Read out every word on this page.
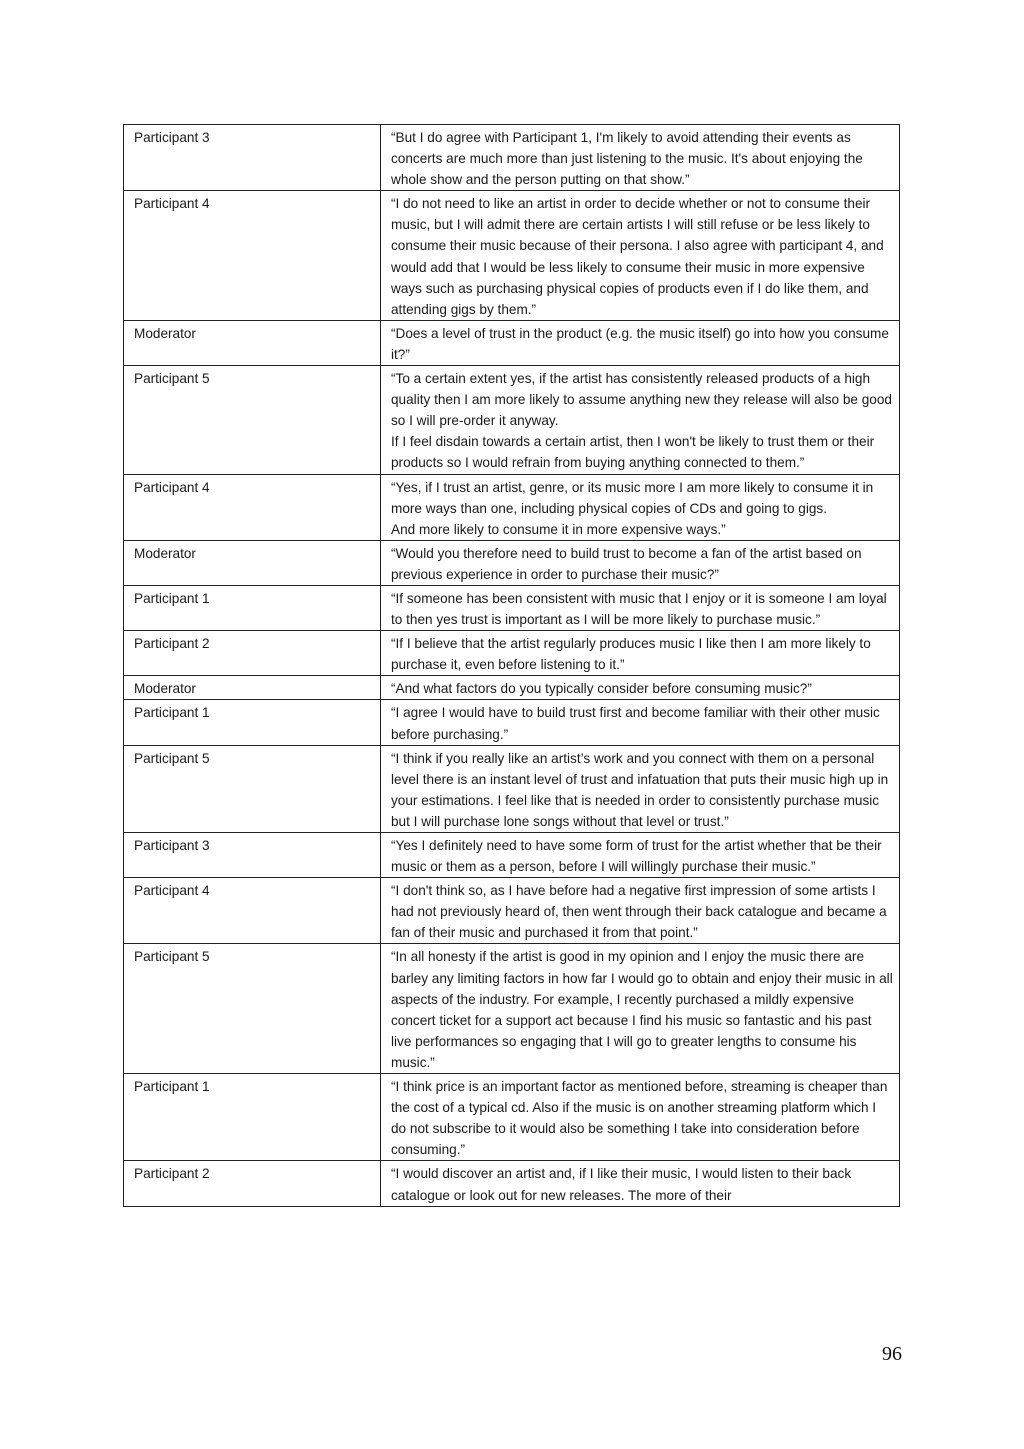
Participant 3	“But I do agree with Participant 1, I'm likely to avoid attending their events as concerts are much more than just listening to the music. It's about enjoying the whole show and the person putting on that show.”
Participant 4	“I do not need to like an artist in order to decide whether or not to consume their music, but I will admit there are certain artists I will still refuse or be less likely to consume their music because of their persona. I also agree with participant 4, and would add that I would be less likely to consume their music in more expensive ways such as purchasing physical copies of products even if I do like them, and attending gigs by them.”
Moderator	“Does a level of trust in the product (e.g. the music itself) go into how you consume it?”
Participant 5	“To a certain extent yes, if the artist has consistently released products of a high quality then I am more likely to assume anything new they release will also be good so I will pre-order it anyway.
If I feel disdain towards a certain artist, then I won't be likely to trust them or their products so I would refrain from buying anything connected to them.”
Participant 4	“Yes, if I trust an artist, genre, or its music more I am more likely to consume it in more ways than one, including physical copies of CDs and going to gigs.
And more likely to consume it in more expensive ways.”
Moderator	“Would you therefore need to build trust to become a fan of the artist based on previous experience in order to purchase their music?”
Participant 1	“If someone has been consistent with music that I enjoy or it is someone I am loyal to then yes trust is important as I will be more likely to purchase music.”
Participant 2	“If I believe that the artist regularly produces music I like then I am more likely to purchase it, even before listening to it.”
Moderator	“And what factors do you typically consider before consuming music?”
Participant 1	“I agree I would have to build trust first and become familiar with their other music before purchasing.”
Participant 5	“I think if you really like an artist’s work and you connect with them on a personal level there is an instant level of trust and infatuation that puts their music high up in your estimations. I feel like that is needed in order to consistently purchase music but I will purchase lone songs without that level or trust.”
Participant 3	“Yes I definitely need to have some form of trust for the artist whether that be their music or them as a person, before I will willingly purchase their music.”
Participant 4	“I don't think so, as I have before had a negative first impression of some artists I had not previously heard of, then went through their back catalogue and became a fan of their music and purchased it from that point.”
Participant 5	“In all honesty if the artist is good in my opinion and I enjoy the music there are barley any limiting factors in how far I would go to obtain and enjoy their music in all aspects of the industry. For example, I recently purchased a mildly expensive concert ticket for a support act because I find his music so fantastic and his past live performances so engaging that I will go to greater lengths to consume his music.”
Participant 1	“I think price is an important factor as mentioned before, streaming is cheaper than the cost of a typical cd. Also if the music is on another streaming platform which I do not subscribe to it would also be something I take into consideration before consuming.”
Participant 2	“I would discover an artist and, if I like their music, I would listen to their back catalogue or look out for new releases. The more of their
96
